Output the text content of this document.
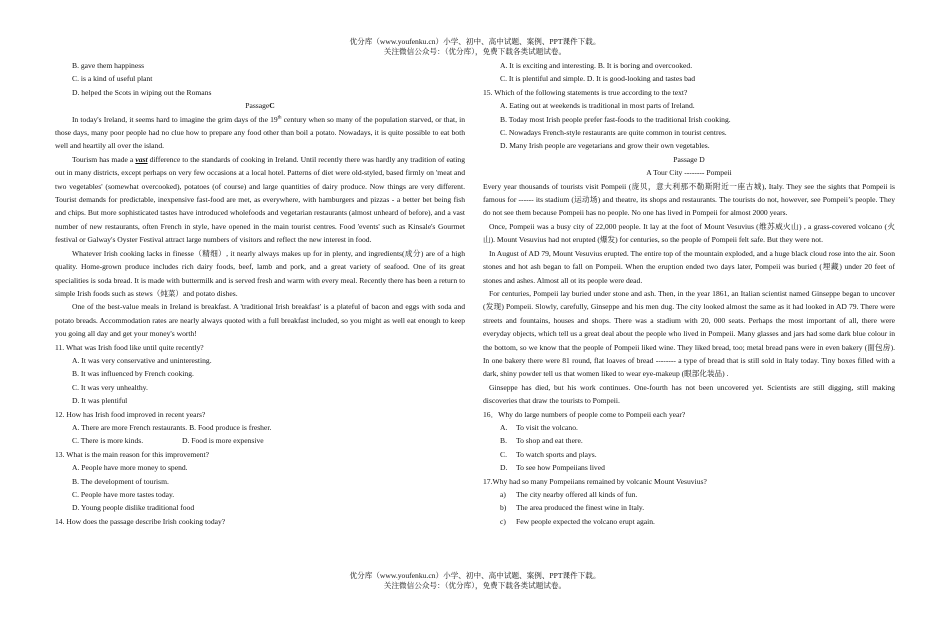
优分库（www.youfenku.cn）小学、初中、高中试题、案例、PPT课件下载。
关注微信公众号：（优分库），免费下载各类试题试卷。

B. gave them happiness

C. is a kind of useful plant

D. helped the Scots in wiping out the Romans

PassageC

In today's Ireland, it seems hard to imagine the grim days of the 19th century when so many of the population starved, or that, in those days, many poor people had no clue how to prepare any food other than boil a potato. Nowadays, it is quite possible to eat both well and heartily all over the island.

Tourism has made a vast difference to the standards of cooking in Ireland. Until recently there was hardly any tradition of eating out in many districts, except perhaps on very few occasions at a local hotel. Patterns of diet were old-styled, based firmly on 'meat and two vegetables' (somewhat overcooked), potatoes (of course) and large quantities of dairy produce. Now things are very different. Tourist demands for predictable, inexpensive fast-food are met, as everywhere, with hamburgers and pizzas - a better bet being fish and chips. But more sophisticated tastes have introduced wholefoods and vegetarian restaurants (almost unheard of before), and a vast number of new restaurants, often French in style, have opened in the main tourist centres. Food 'events' such as Kinsale's Gourmet festival or Galway's Oyster Festival attract large numbers of visitors and reflect the new interest in food.

Whatever Irish cooking lacks in finesse（精细）, it nearly always makes up for in plenty, and ingredients(成分) are of a high quality. Home-grown produce includes rich dairy foods, beef, lamb and pork, and a great variety of seafood. One of its great specialities is soda bread. It is made with buttermilk and is served fresh and warm with every meal. Recently there has been a return to simple Irish foods such as stews（炖菜）and potato dishes.

One of the best-value meals in Ireland is breakfast. A 'traditional Irish breakfast' is a plateful of bacon and eggs with soda and potato breads. Accommodation rates are nearly always quoted with a full breakfast included, so you might as well eat enough to keep you going all day and get your money's worth!

11. What was Irish food like until quite recently?

A. It was very conservative and uninteresting.

B. It was influenced by French cooking.

C. It was very unhealthy.

D. It was plentiful

12. How has Irish food improved in recent years?

A. There are more French restaurants. B. Food produce is fresher.

C. There is more kinds.	D. Food is more expensive

13. What is the main reason for this improvement?

A. People have more money to spend.

B. The development of tourism.

C. People have more tastes today.

D. Young people dislike traditional food

14. How does the passage describe Irish cooking today?

A. It is exciting and interesting. B. It is boring and overcooked.

C. It is plentiful and simple. D. It is good-looking and tastes bad

15. Which of the following statements is true according to the text?

A. Eating out at weekends is traditional in most parts of Ireland.

B. Today most Irish people prefer fast-foods to the traditional Irish cooking.

C. Nowadays French-style restaurants are quite common in tourist centres.

D. Many Irish people are vegetarians and grow their own vegetables.

Passage D

A Tour City -------- Pompeii

Every year thousands of tourists visit Pompeii (庞贝，意大利那不勒斯附近一座古城), Italy. They see the sights that Pompeii is famous for ------ its stadium (运动场) and theatre, its shops and restaurants. The tourists do not, however, see Pompeii’s people. They do not see them because Pompeii has no people. No one has lived in Pompeii for almost 2000 years.

Once, Pompeii was a busy city of 22,000 people. It lay at the foot of Mount Vesuvius (维苏威火山) , a grass-covered volcano (火山). Mount Vesuvius had not erupted (爆发) for centuries, so the people of Pompeii felt safe. But they were not.

In August of AD 79, Mount Vesuvius erupted. The entire top of the mountain exploded, and a huge black cloud rose into the air. Soon stones and hot ash began to fall on Pompeii. When the eruption ended two days later, Pompeii was buried (埋藏) under 20 feet of stones and ashes. Almost all ot its people were dead.

For centuries, Pompeii lay buried under stone and ash. Then, in the year 1861, an Italian scientist named Ginseppe began to uncover (发现) Pompeii. Slowly, carefully, Ginseppe and his men dug. The city looked almost the same as it had looked in AD 79. There were streets and fountains, houses and shops. There was a stadium with 20, 000 seats. Perhaps the most important of all, there were everyday objects, which tell us a great deal about the people who lived in Pompeii. Many glasses and jars had some dark blue colour in the bottom, so we know that the people of Pompeii liked wine. They liked bread, too; metal bread pans were in even bakery (面包房). In one bakery there were 81 round, flat loaves of bread -------- a type of bread that is still sold in Italy today. Tiny boxes filled with a dark, shiny powder tell us that women liked to wear eye-makeup (眼部化装品) .

Ginseppe has died, but his work continues. One-fourth has not been uncovered yet. Scientists are still digging, still making discoveries that draw the tourists to Pompeii.

16．Why do large numbers of people come to Pompeii each year?

A. To visit the volcano.

B. To shop and eat there.

C. To watch sports and plays.

D. To see how Pompeiians lived

17.Why had so many Pompeiians remained by volcanic Mount Vesuvius?

a) The city nearby offered all kinds of fun.

b) The area produced the finest wine in Italy.

c) Few people expected the volcano erupt again.

优分库（www.youfenku.cn）小学、初中、高中试题、案例、PPT课件下载。
关注微信公众号：（优分库），免费下载各类试题试卷。
